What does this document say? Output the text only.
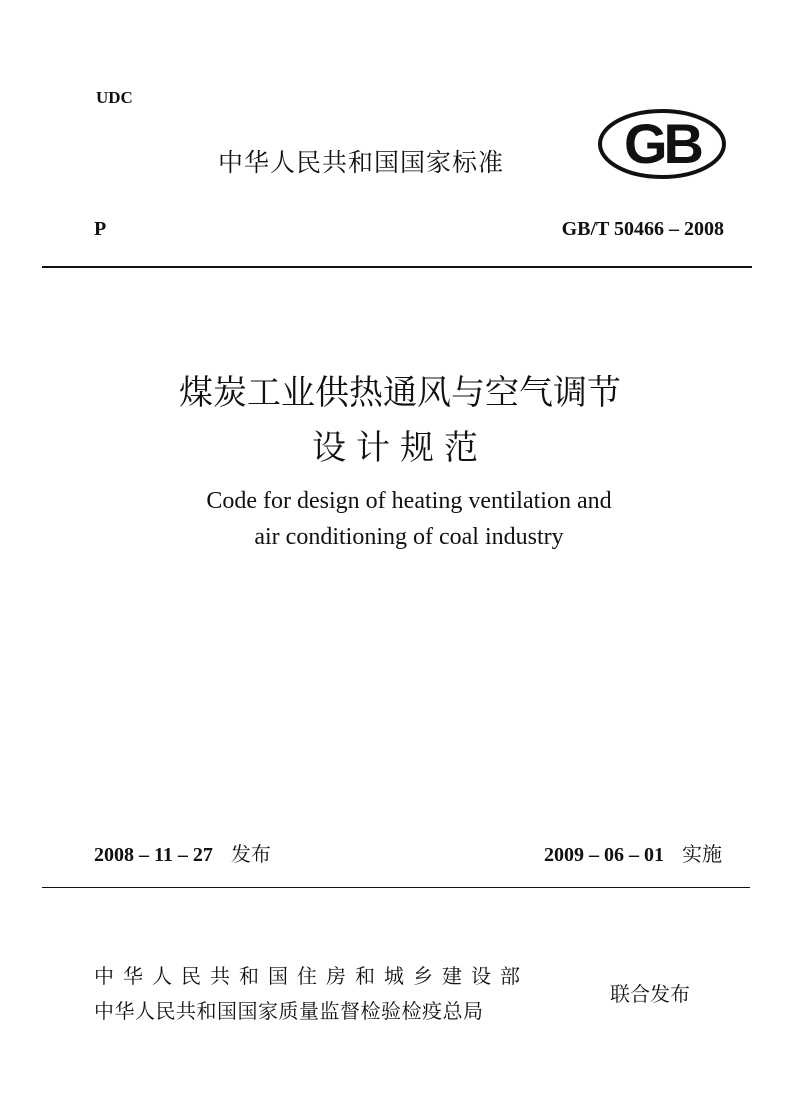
UDC
中华人民共和国国家标准 GB
P	GB/T 50466 – 2008
煤炭工业供热通风与空气调节
设计规范
Code for design of heating ventilation and
air conditioning of coal industry
2008 – 11 – 27 发布	2009 – 06 – 01 实施
中华人民共和国住房和城乡建设部
中华人民共和国国家质量监督检验检疫总局
联合发布
